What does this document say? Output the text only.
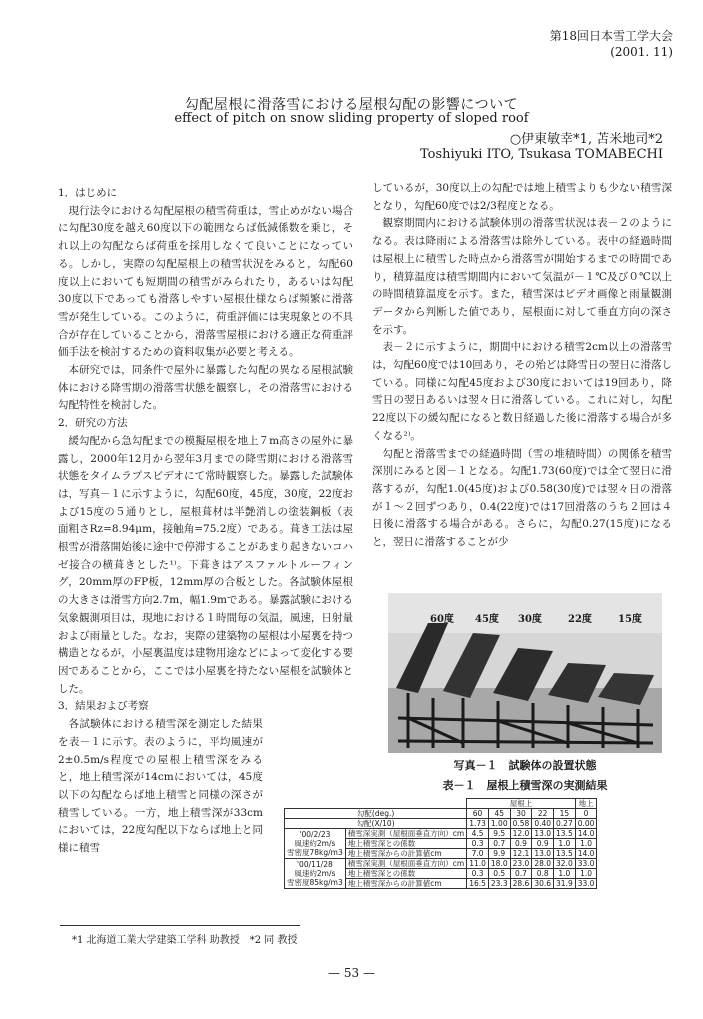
第18回日本雪工学大会
(2001. 11)
勾配屋根に滑落雪における屋根勾配の影響について
effect of pitch on snow sliding property of sloped roof
○伊東敏幸*1, 苫米地司*2
Toshiyuki ITO, Tsukasa TOMABECHI
1．はじめに

現行法令における勾配屋根の積雪荷重は，雪止めがない場合に勾配30度を越え60度以下の範囲ならば低減係数を乗じ，それ以上の勾配ならば荷重を採用しなくて良いことになっている。しかし，実際の勾配屋根上の積雪状況をみると，勾配60度以上においても短期間の積雪がみられたり，あるいは勾配30度以下であっても滑落しやすい屋根仕様ならば頻繁に滑落雪が発生している。このように，荷重評価には実現象との不具合が存在していることから，滑落雪屋根における適正な荷重評価手法を検討するための資料収集が必要と考える。

本研究では，同条件で屋外に暴露した勾配の異なる屋根試験体における降雪期の滑落雪状態を観察し，その滑落雪における勾配特性を検討した。

2．研究の方法

緩勾配から急勾配までの模擬屋根を地上７m高さの屋外に暴露し，2000年12月から翌年3月までの降雪期における滑落雪状態をタイムラプスビデオにて常時観察した。暴露した試験体は，写真－１に示すように，勾配60度，45度，30度，22度および15度の５通りとし，屋根葺材は半艶消しの塗装鋼板（表面粗さRz=8.94μm，接触角=75.2度）である。葺き工法は屋根雪が滑落開始後に途中で停滞することがあまり起きないコハゼ接合の横葺きとした¹⁾。下葺きはアスファルトルーフィング，20mm厚のFP板，12mm厚の合板とした。各試験体屋根の大きさは滑雪方向2.7m，幅1.9mである。暴露試験における気象観測項目は，現地における１時間毎の気温，風速，日射量および雨量とした。なお，実際の建築物の屋根は小屋裏を持つ構造となるが，小屋裏温度は建物用途などによって変化する要因であることから，ここでは小屋裏を持たない屋根を試験体とした。

3．結果および考察

各試験体における積雪深を測定した結果を表－１に示す。表のように，平均風速が2±0.5m/s程度での屋根上積雪深をみると，地上積雪深が14cmにおいては，45度以下の勾配ならば地上積雪と同様の深さが積雪している。一方，地上積雪深が33cmにおいては，22度勾配以下ならば地上と同様に積雪

しているが，30度以上の勾配では地上積雪よりも少ない積雪深となり，勾配60度では2/3程度となる。

観察期間内における試験体別の滑落雪状況は表－２のようになる。表は降雨による滑落雪は除外している。表中の経過時間は屋根上に積雪した時点から滑落雪が開始するまでの時間であり，積算温度は積雪期間内において気温が－１℃及び０℃以上の時間積算温度を示す。また，積雪深はビデオ画像と雨量観測データから判断した値であり，屋根面に対して垂直方向の深さを示す。

表－２に示すように，期間中における積雪2cm以上の滑落雪は，勾配60度では10回あり，その殆どは降雪日の翌日に滑落している。同様に勾配45度および30度においては19回あり，降雪日の翌日あるいは翌々日に滑落している。これに対し，勾配22度以下の緩勾配になると数日経過した後に滑落する場合が多くなる²⁾。

勾配と滑落雪までの経過時間（雪の堆積時間）の関係を積雪深別にみると図－１となる。勾配1.73(60度)では全て翌日に滑落するが，勾配1.0(45度)および0.58(30度)では翌々日の滑落が１～２回ずつあり，0.4(22度)では17回滑落のうち２回は４日後に滑落する場合がある。さらに，勾配0.27(15度)になると，翌日に滑落することが少

60度 45度 30度	22度	15度
写真－１　試験体の設置状態
表－１　屋根上積雪深の実測結果
		屋根上					地上
勾配(deg.)		60	45	30	22	15	0
勾配(X/10)		1.73	1.00	0.58	0.40	0.27	0.00

'00/2/23
風速約2m/s
雪密度78kg/m3	積雪深実測（屋根面垂直方向）cm	4.5	9.5	12.0	13.0	13.5	14.0
	地上積雪深との係数	0.3	0.7	0.9	0.9	1.0	1.0
	地上積雪深からの計算値cm	7.0	9.9	12.1	13.0	13.5	14.0

'00/11/28
風速約2m/s
雪密度85kg/m3	積雪深実測（屋根面垂直方向）cm	11.0	18.0	23.0	28.0	32.0	33.0
	地上積雪深との係数	0.3	0.5	0.7	0.8	1.0	1.0
	地上積雪深からの計算値cm	16.5	23.3	28.6	30.6	31.9	33.0
*1 北海道工業大学建築工学科 助教授　*2 同 教授
— 53 —
